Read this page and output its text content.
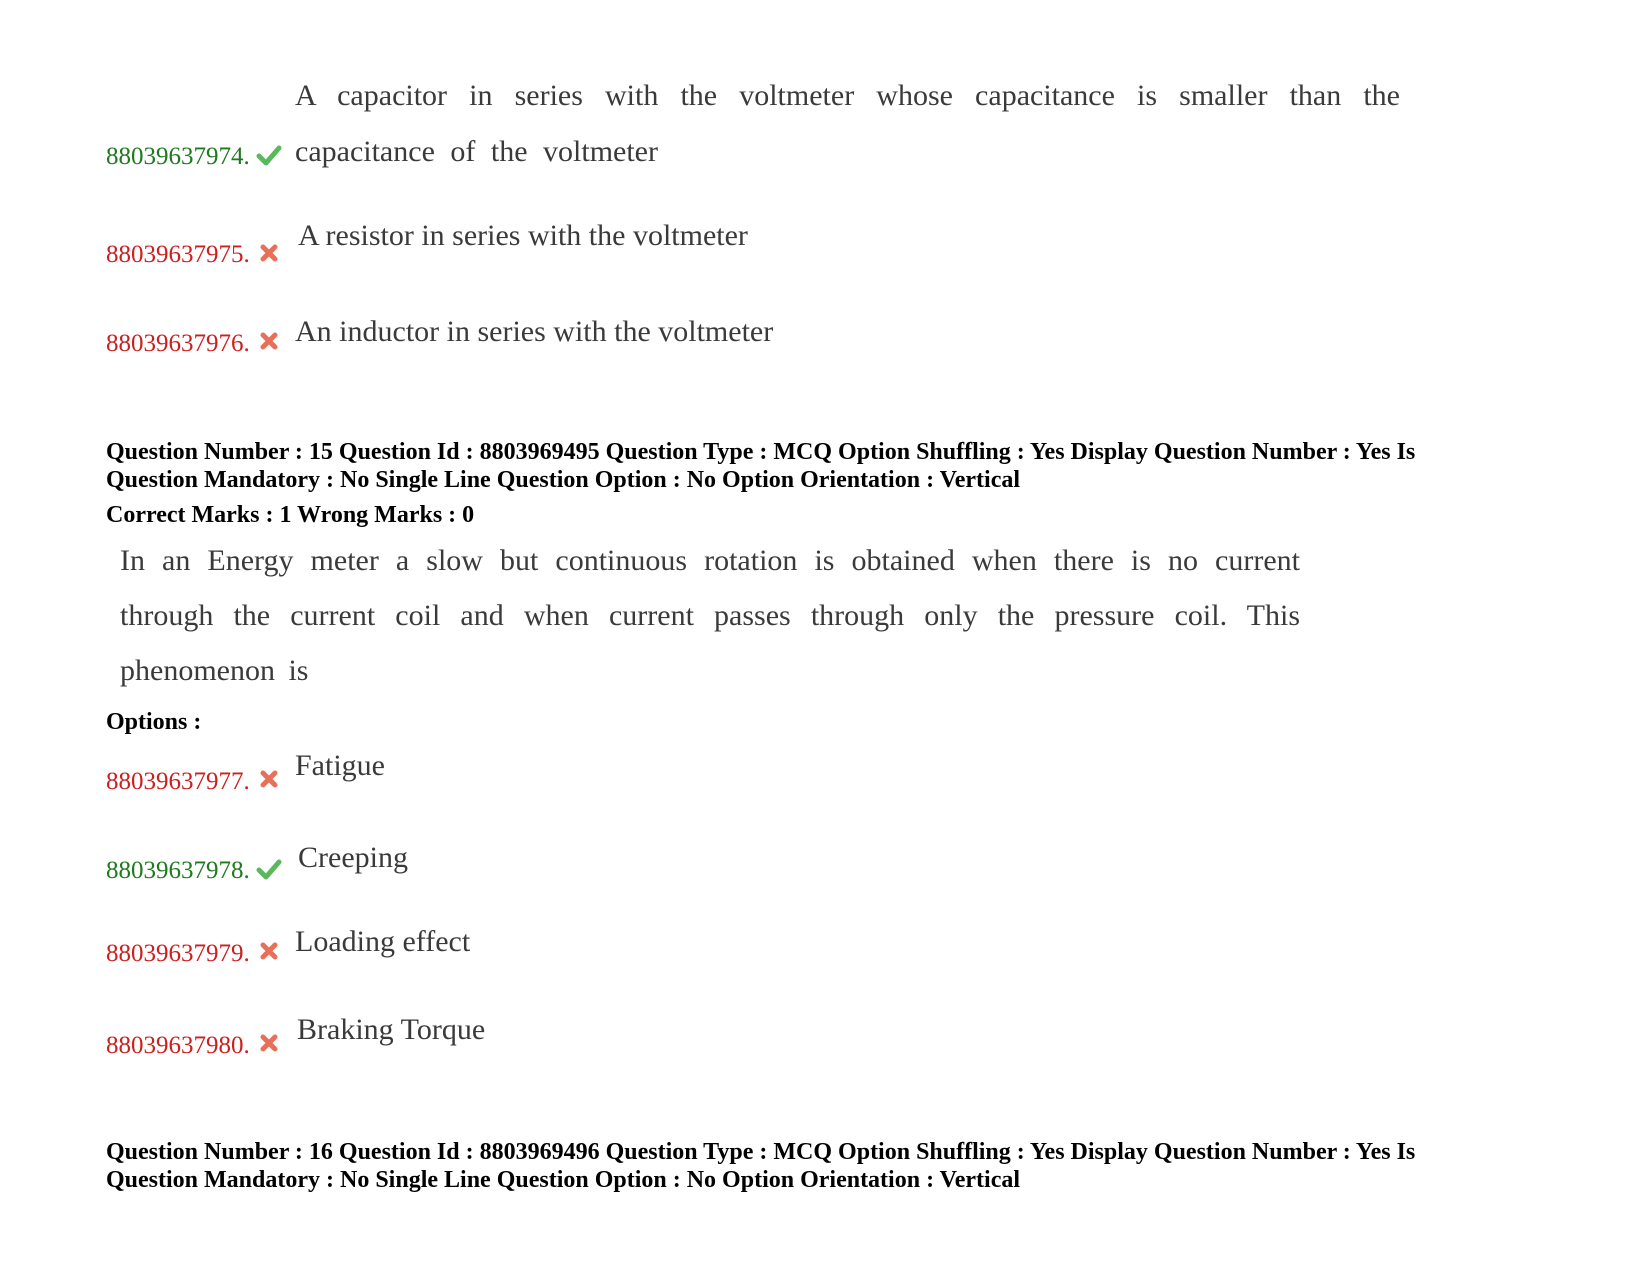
A capacitor in series with the voltmeter whose capacitance is smaller than the capacitance of the voltmeter
88039637974.
88039637975.
A resistor in series with the voltmeter
88039637976. An inductor in series with the voltmeter
Question Number : 15 Question Id : 8803969495 Question Type : MCQ Option Shuffling : Yes Display Question Number : Yes Is
Question Mandatory : No Single Line Question Option : No Option Orientation : Vertical
Correct Marks : 1 Wrong Marks : 0
In an Energy meter a slow but continuous rotation is obtained when there is no current through the current coil and when current passes through only the pressure coil. This phenomenon is
Options :
88039637977. Fatigue
88039637978. Creeping
88039637979. Loading effect
88039637980. Braking Torque
Question Number : 16 Question Id : 8803969496 Question Type : MCQ Option Shuffling : Yes Display Question Number : Yes Is
Question Mandatory : No Single Line Question Option : No Option Orientation : Vertical
